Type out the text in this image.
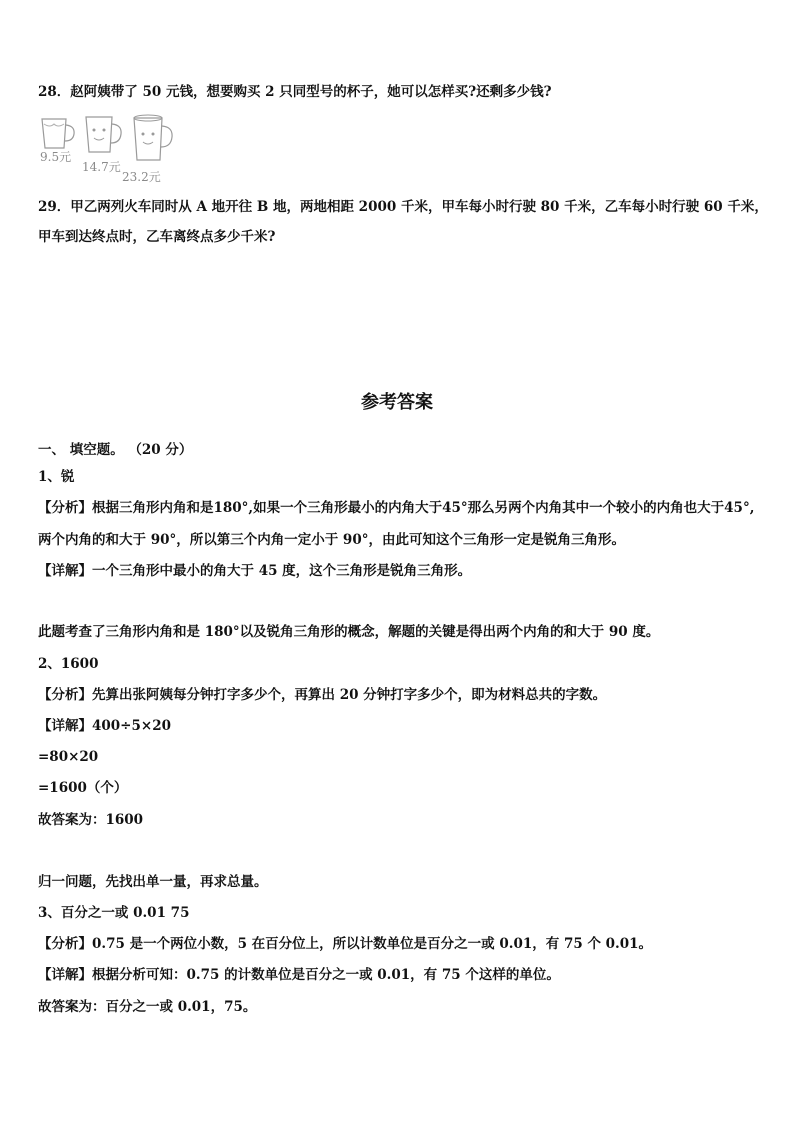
28．赵阿姨带了 50 元钱，想要购买 2 只同型号的杯子，她可以怎样买?还剩多少钱?
9.5元
14.7元
23.2元
29．甲乙两列火车同时从 A 地开往 B 地，两地相距 2000 千米，甲车每小时行驶 80 千米，乙车每小时行驶 60 千米，
甲车到达终点时，乙车离终点多少千米?
参考答案
一、 填空题。 （20 分）
1、锐
【分析】根据三角形内角和是180°,如果一个三角形最小的内角大于45°那么另两个内角其中一个较小的内角也大于45°,
两个内角的和大于 90°，所以第三个内角一定小于 90°，由此可知这个三角形一定是锐角三角形。
【详解】一个三角形中最小的角大于 45 度，这个三角形是锐角三角形。
此题考查了三角形内角和是 180°以及锐角三角形的概念，解题的关键是得出两个内角的和大于 90 度。
2、1600
【分析】先算出张阿姨每分钟打字多少个，再算出 20 分钟打字多少个，即为材料总共的字数。
【详解】400÷5×20
=80×20
=1600（个）
故答案为：1600
归一问题，先找出单一量，再求总量。
3、百分之一或 0.01 75
【分析】0.75 是一个两位小数，5 在百分位上，所以计数单位是百分之一或 0.01，有 75 个 0.01。
【详解】根据分析可知：0.75 的计数单位是百分之一或 0.01，有 75 个这样的单位。
故答案为：百分之一或 0.01，75。
